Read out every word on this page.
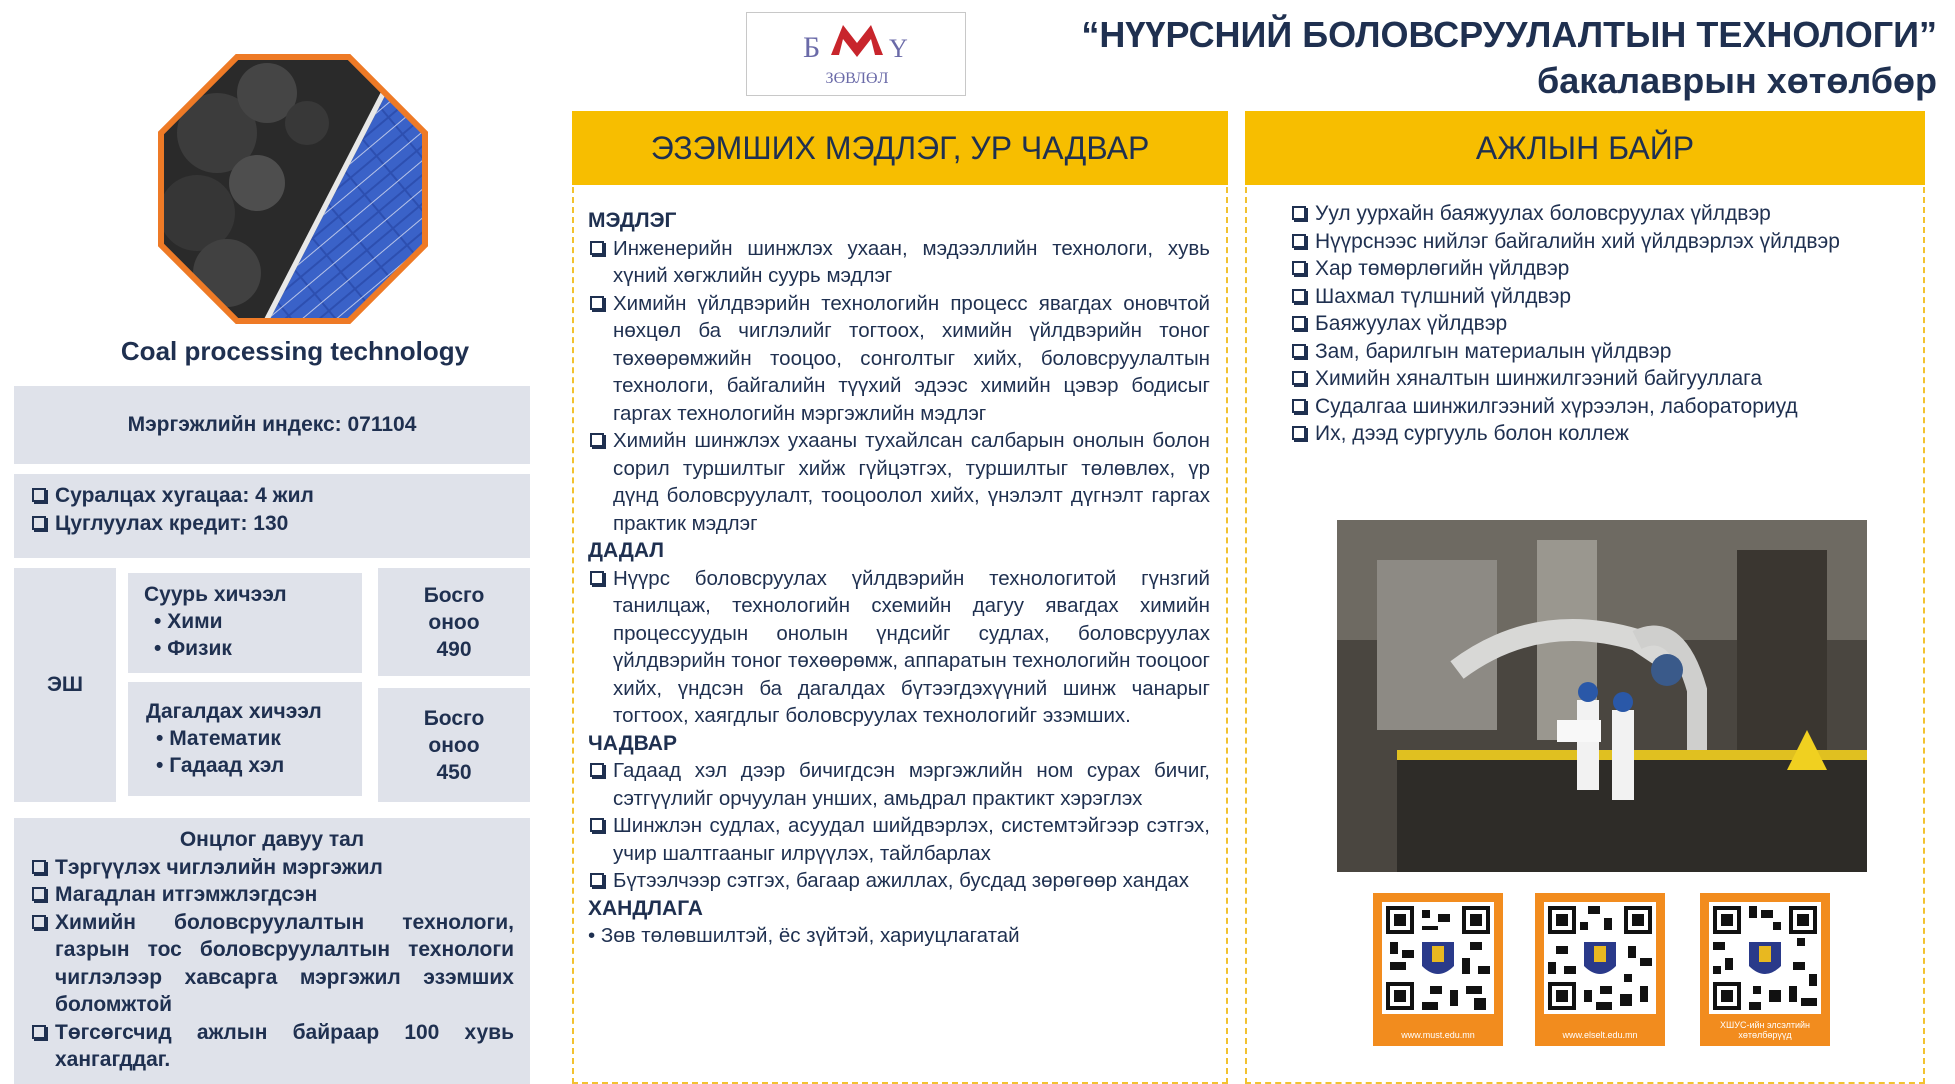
Б	Ү
ЗӨВЛӨЛ
“НҮҮРСНИЙ БОЛОВСРУУЛАЛТЫН ТЕХНОЛОГИ”
бакалаврын хөтөлбөр
Coal processing technology
Мэргэжлийн индекс: 071104
Суралцах хугацаа: 4 жил
Цуглуулах кредит: 130
ЭШ
Суурь хичээл
• Хими
• Физик
Дагалдах хичээл
• Математик
• Гадаад хэл
Босго
оноо
490
Босго
оноо
450
Онцлог давуу тал
Тэргүүлэх чиглэлийн мэргэжил
Магадлан итгэмжлэгдсэн
Химийн боловсруулалтын технологи, газрын тос боловсруулалтын технологи чиглэлээр хавсарга мэргэжил эзэмших боломжтой
Төгсөгсчид ажлын байраар 100 хувь хангагддаг.
ЭЗЭМШИХ МЭДЛЭГ, УР ЧАДВАР
МЭДЛЭГ
Инженерийн шинжлэх ухаан, мэдээллийн технологи, хувь хүний хөгжлийн суурь мэдлэг
Химийн үйлдвэрийн технологийн процесс явагдах оновчтой нөхцөл ба чиглэлийг тогтоох, химийн үйлдвэрийн тоног төхөөрөмжийн тооцоо, сонголтыг хийх, боловсруулалтын технологи, байгалийн түүхий эдээс химийн цэвэр бодисыг гаргах технологийн мэргэжлийн мэдлэг
Химийн шинжлэх ухааны тухайлсан салбарын онолын болон сорил туршилтыг хийж гүйцэтгэх, туршилтыг төлөвлөх, үр дүнд боловсруулалт, тооцоолол хийх, үнэлэлт дүгнэлт гаргах практик мэдлэг
ДАДАЛ
Нүүрс боловсруулах үйлдвэрийн технологитой гүнзгий танилцаж, технологийн схемийн дагуу явагдах химийн процессуудын онолын үндсийг судлах, боловсруулах үйлдвэрийн тоног төхөөрөмж, аппаратын технологийн тооцоог хийх, үндсэн ба дагалдах бүтээгдэхүүний шинж чанарыг тогтоох, хаягдлыг боловсруулах технологийг эзэмших.
ЧАДВАР
Гадаад хэл дээр бичигдсэн мэргэжлийн ном сурах бичиг, сэтгүүлийг орчуулан унших, амьдрал практикт хэрэглэх
Шинжлэн судлах, асуудал шийдвэрлэх, системтэйгээр сэтгэх, учир шалтгааныг илрүүлэх, тайлбарлах
Бүтээлчээр сэтгэх, багаар ажиллах, бусдад зөрөгөөр хандах
ХАНДЛАГА
• Зөв төлөвшилтэй, ёс зүйтэй, хариуцлагатай
АЖЛЫН БАЙР
Уул уурхайн баяжуулах боловсруулах үйлдвэр
Нүүрснээс нийлэг байгалийн хий үйлдвэрлэх үйлдвэр
Хар төмөрлөгийн үйлдвэр
Шахмал түлшний үйлдвэр
Баяжуулах үйлдвэр
Зам, барилгын материалын үйлдвэр
Химийн хяналтын шинжилгээний байгууллага
Судалгаа шинжилгээний хүрээлэн, лабораториуд
Их, дээд сургууль болон коллеж
www.must.edu.mn	www.elselt.edu.mn
ХШУС-ийн элсэлтийн хөтөлбөрүүд
